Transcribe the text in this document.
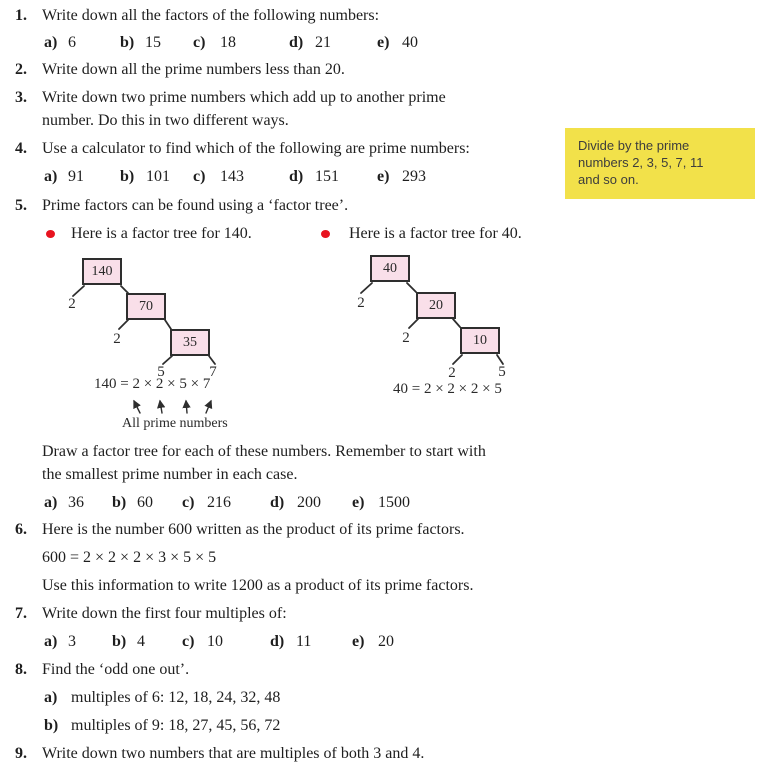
1. Write down all the factors of the following numbers:
a) 6	b) 15 c) 18	d) 21	e) 40
2. Write down all the prime numbers less than 20.
3. Write down two prime numbers which add up to another prime
number. Do this in two different ways.
4. Use a calculator to find which of the following are prime numbers:
a) 91 b) 101 c) 143	d) 151 e) 293
Divide by the prime
numbers 2, 3, 5, 7, 11
and so on.
5. Prime factors can be found using a ‘factor tree’.
Here is a factor tree for 140.	Here is a factor tree for 40.
140
70
35
2
2
5	7
140 = 2 × 2 × 5 × 7
All prime numbers
40
20
10
2
2
2	5
40 = 2 × 2 × 2 × 5
Draw a factor tree for each of these numbers. Remember to start with
the smallest prime number in each case.
a) 36 b) 60 c) 216 d) 200 e) 1500
6. Here is the number 600 written as the product of its prime factors.
600 = 2 × 2 × 2 × 3 × 5 × 5
Use this information to write 1200 as a product of its prime factors.
7. Write down the first four multiples of:
a) 3 b) 4 c) 10	d) 11	e) 20
8. Find the ‘odd one out’.
a) multiples of 6: 12, 18, 24, 32, 48
b) multiples of 9: 18, 27, 45, 56, 72
9. Write down two numbers that are multiples of both 3 and 4.
